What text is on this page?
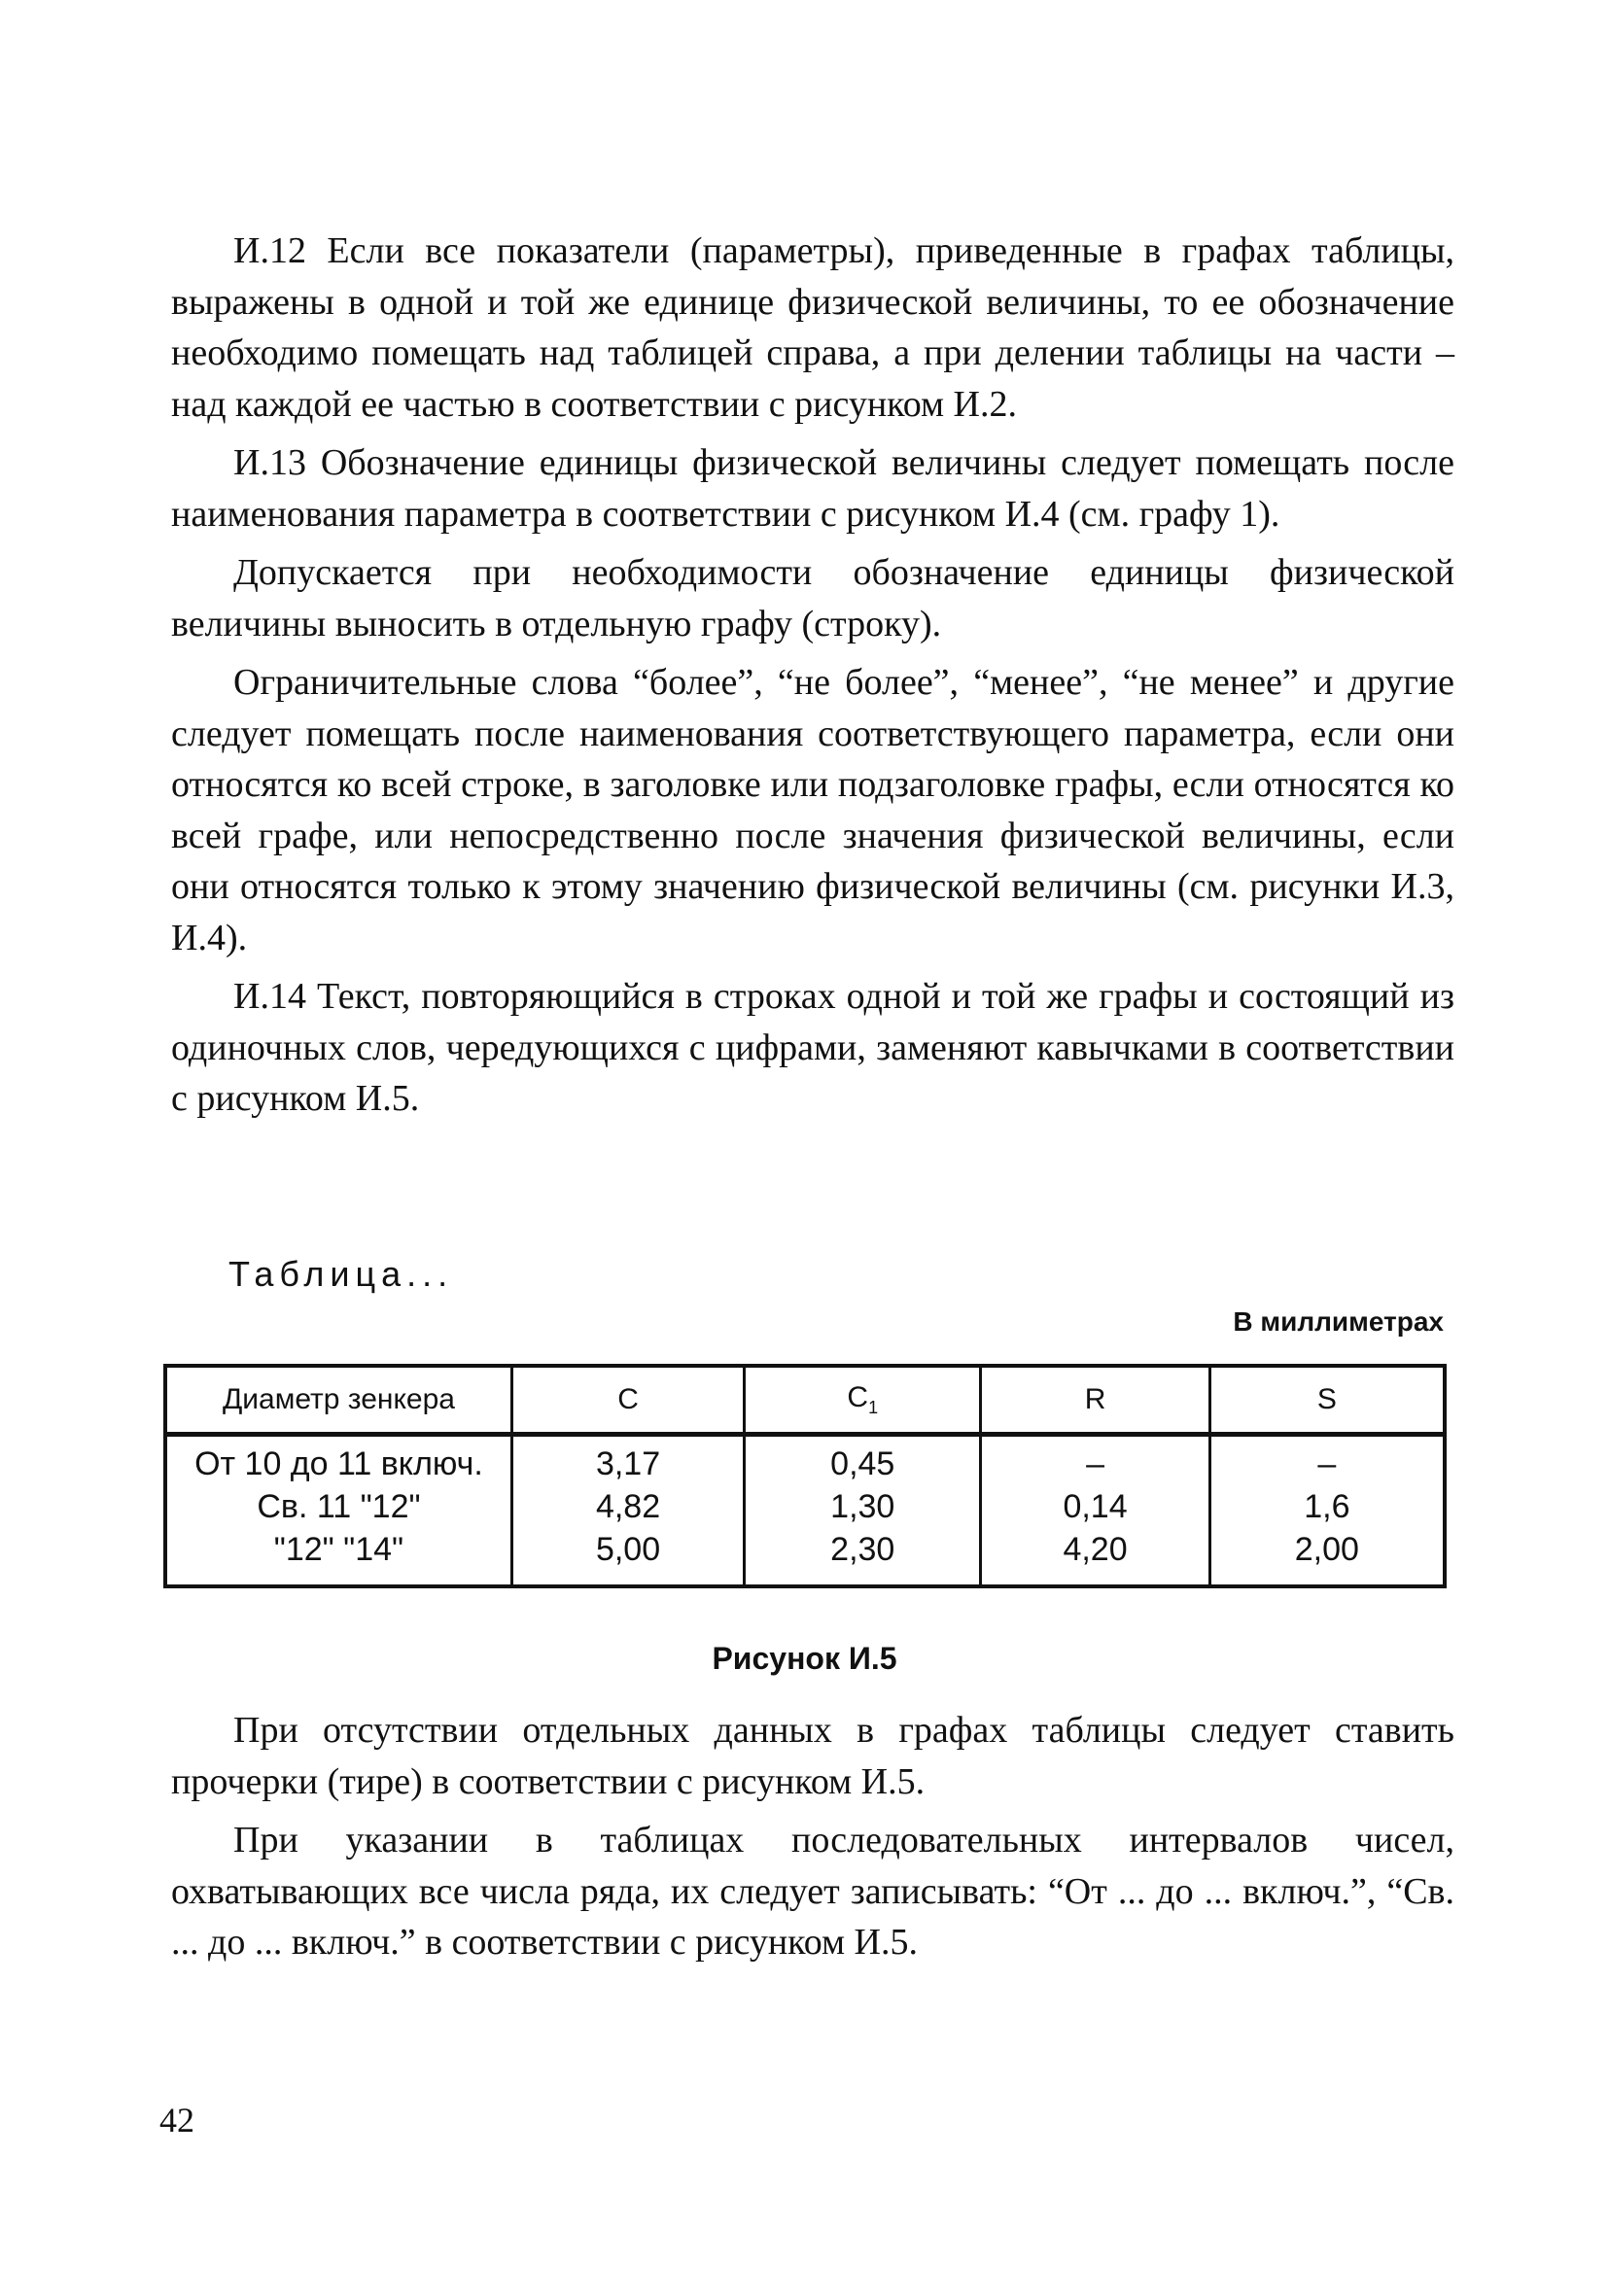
И.12 Если все показатели (параметры), приведенные в графах таблицы, выражены в одной и той же единице физической величины, то ее обозначение необходимо помещать над таблицей справа, а при делении таблицы на части – над каждой ее частью в соответствии с рисунком И.2.

И.13 Обозначение единицы физической величины следует помещать после наименования параметра в соответствии с рисунком И.4 (см. графу 1).

Допускается при необходимости обозначение единицы физической величины выносить в отдельную графу (строку).

Ограничительные слова “более”, “не более”, “менее”, “не менее” и другие следует помещать после наименования соответствующего параметра, если они относятся ко всей строке, в заголовке или подзаголовке графы, если относятся ко всей графе, или непосредственно после значения физической величины, если они относятся только к этому значению физической величины (см. рисунки И.3, И.4).

И.14 Текст, повторяющийся в строках одной и той же графы и состоящий из одиночных слов, чередующихся с цифрами, заменяют кавычками в соответствии с рисунком И.5.

Таблица...

В миллиметрах

Диаметр зенкера	С	$С_1$	R	S
От 10 до 11 включ.	3,17	0,45	–	–
Св. 11 "12"	4,82	1,30	0,14	1,6
"12" "14"	5,00	2,30	4,20	2,00

Рисунок И.5

При отсутствии отдельных данных в графах таблицы следует ставить прочерки (тире) в соответствии с рисунком И.5.

При указании в таблицах последовательных интервалов чисел, охватывающих все числа ряда, их следует записывать: “От ... до ... включ.”, “Св. ... до ... включ.” в соответствии с рисунком И.5.

42
